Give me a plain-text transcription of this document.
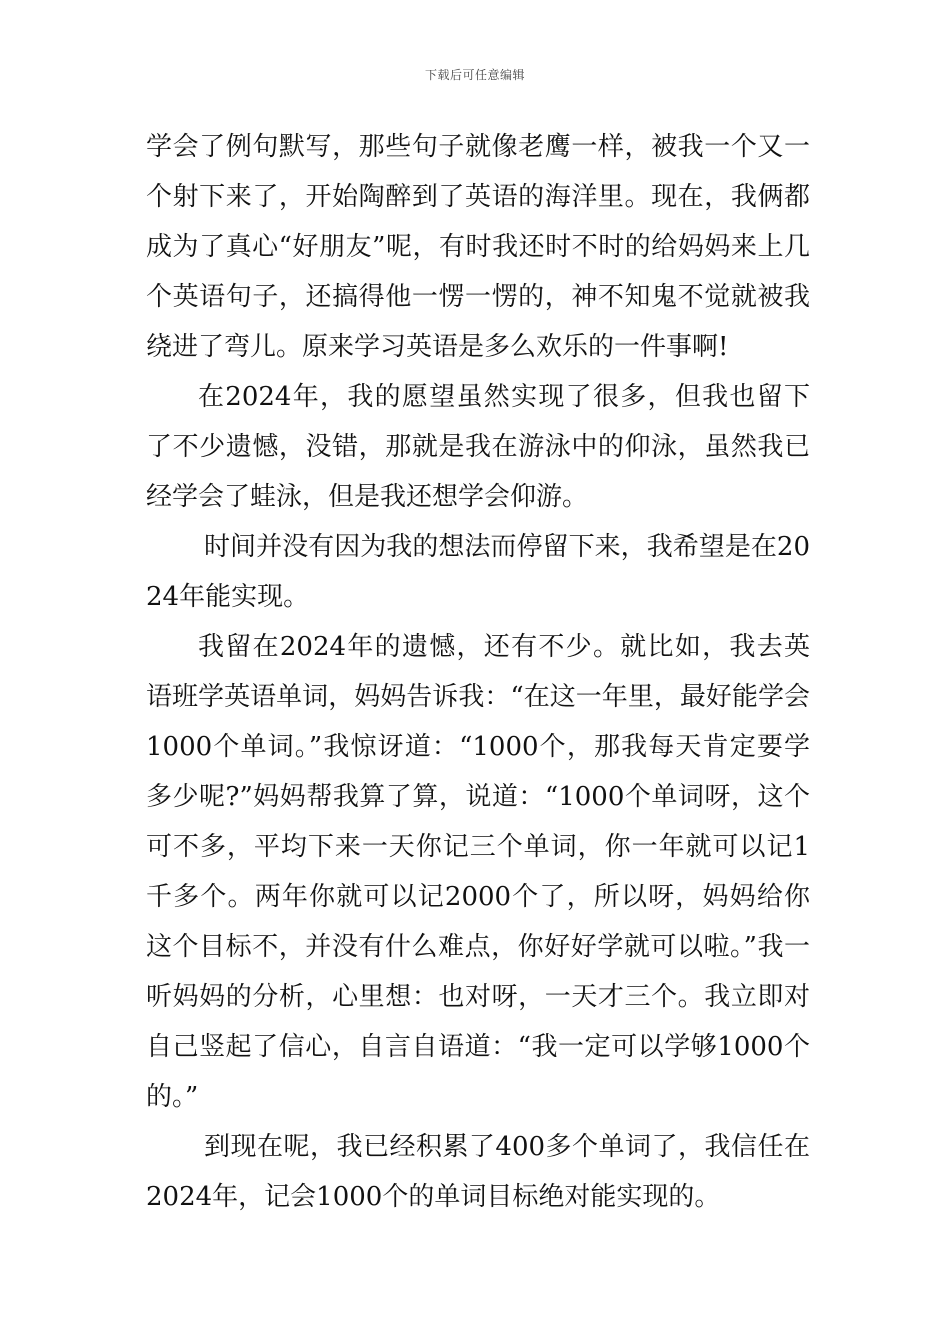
下载后可任意编辑

学会了例句默写，那些句子就像老鹰一样，被我一个又一个射下来了，开始陶醉到了英语的海洋里。现在，我俩都成为了真心“好朋友”呢，有时我还时不时的给妈妈来上几个英语句子，还搞得他一愣一愣的，神不知鬼不觉就被我绕进了弯儿。原来学习英语是多么欢乐的一件事啊!

在2024年，我的愿望虽然实现了很多，但我也留下了不少遗憾，没错，那就是我在游泳中的仰泳，虽然我已经学会了蛙泳，但是我还想学会仰游。

时间并没有因为我的想法而停留下来，我希望是在2024年能实现。

我留在2024年的遗憾，还有不少。就比如，我去英语班学英语单词，妈妈告诉我：“在这一年里，最好能学会1000个单词。”我惊讶道：“1000个，那我每天肯定要学多少呢?”妈妈帮我算了算，说道：“1000个单词呀，这个可不多，平均下来一天你记三个单词，你一年就可以记1千多个。两年你就可以记2000个了，所以呀，妈妈给你这个目标不，并没有什么难点，你好好学就可以啦。”我一听妈妈的分析，心里想：也对呀，一天才三个。我立即对自己竖起了信心，自言自语道：“我一定可以学够1000个的。”

到现在呢，我已经积累了400多个单词了，我信任在2024年，记会1000个的单词目标绝对能实现的。
